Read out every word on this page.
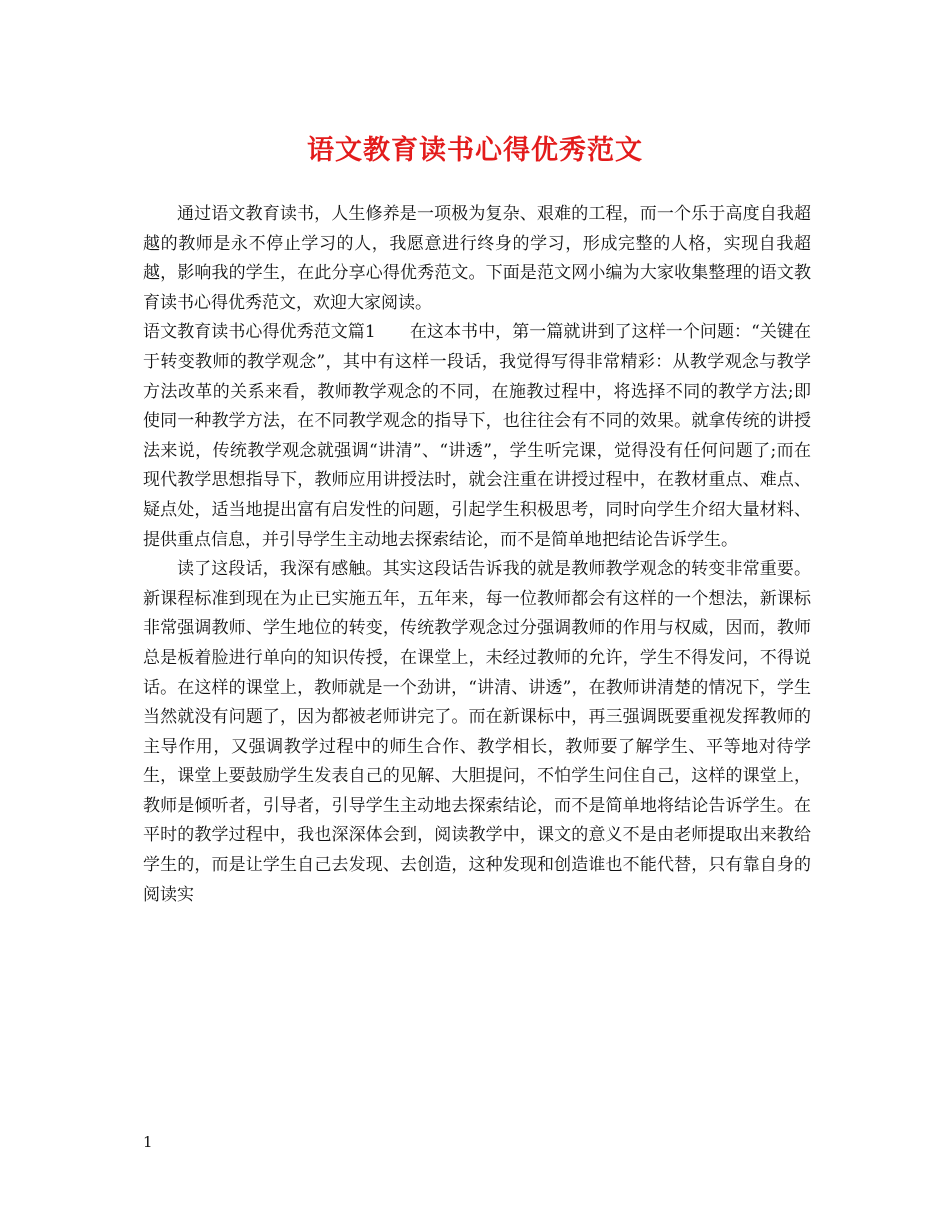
语文教育读书心得优秀范文

通过语文教育读书，人生修养是一项极为复杂、艰难的工程，而一个乐于高度自我超越的教师是永不停止学习的人，我愿意进行终身的学习，形成完整的人格，实现自我超越，影响我的学生，在此分享心得优秀范文。下面是范文网小编为大家收集整理的语文教育读书心得优秀范文，欢迎大家阅读。

语文教育读书心得优秀范文篇1　　在这本书中，第一篇就讲到了这样一个问题：“关键在于转变教师的教学观念”，其中有这样一段话，我觉得写得非常精彩：从教学观念与教学方法改革的关系来看，教师教学观念的不同，在施教过程中，将选择不同的教学方法;即使同一种教学方法，在不同教学观念的指导下，也往往会有不同的效果。就拿传统的讲授法来说，传统教学观念就强调“讲清”、“讲透”，学生听完课，觉得没有任何问题了;而在现代教学思想指导下，教师应用讲授法时，就会注重在讲授过程中，在教材重点、难点、疑点处，适当地提出富有启发性的问题，引起学生积极思考，同时向学生介绍大量材料、提供重点信息，并引导学生主动地去探索结论，而不是简单地把结论告诉学生。

读了这段话，我深有感触。其实这段话告诉我的就是教师教学观念的转变非常重要。新课程标准到现在为止已实施五年，五年来，每一位教师都会有这样的一个想法，新课标非常强调教师、学生地位的转变，传统教学观念过分强调教师的作用与权威，因而，教师总是板着脸进行单向的知识传授，在课堂上，未经过教师的允许，学生不得发问，不得说话。在这样的课堂上，教师就是一个劲讲，“讲清、讲透”，在教师讲清楚的情况下，学生当然就没有问题了，因为都被老师讲完了。而在新课标中，再三强调既要重视发挥教师的主导作用，又强调教学过程中的师生合作、教学相长，教师要了解学生、平等地对待学生，课堂上要鼓励学生发表自己的见解、大胆提问，不怕学生问住自己，这样的课堂上，教师是倾听者，引导者，引导学生主动地去探索结论，而不是简单地将结论告诉学生。在平时的教学过程中，我也深深体会到，阅读教学中，课文的意义不是由老师提取出来教给学生的，而是让学生自己去发现、去创造，这种发现和创造谁也不能代替，只有靠自身的阅读实

1
